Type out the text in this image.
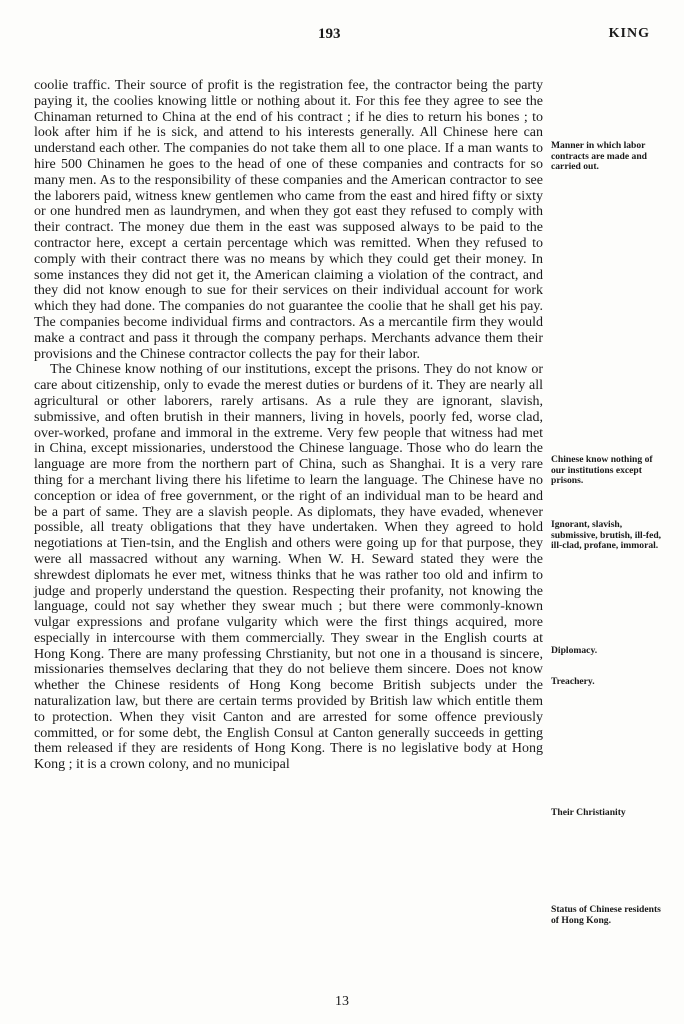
193	KING

coolie traffic. Their source of profit is the registration fee, the contractor being the party paying it, the coolies knowing little or nothing about it. For this fee they agree to see the Chinaman returned to China at the end of his contract ; if he dies to return his bones ; to look after him if he is sick, and attend to his interests generally. All Chinese here can understand each other. The companies do not take them all to one place. If a man wants to hire 500 Chinamen he goes to the head of one of these companies and contracts for so many men. As to the responsibility of these companies and the American contractor to see the laborers paid, witness knew gentlemen who came from the east and hired fifty or sixty or one hundred men as laundrymen, and when they got east they refused to comply with their contract. The money due them in the east was supposed always to be paid to the contractor here, except a certain percentage which was remitted. When they refused to comply with their contract there was no means by which they could get their money. In some instances they did not get it, the American claiming a violation of the contract, and they did not know enough to sue for their services on their individual account for work which they had done. The companies do not guarantee the coolie that he shall get his pay. The companies become individual firms and contractors. As a mercantile firm they would make a contract and pass it through the company perhaps. Merchants advance them their provisions and the Chinese contractor collects the pay for their labor.

The Chinese know nothing of our institutions, except the prisons. They do not know or care about citizenship, only to evade the merest duties or burdens of it. They are nearly all agricultural or other laborers, rarely artisans. As a rule they are ignorant, slavish, submissive, and often brutish in their manners, living in hovels, poorly fed, worse clad, over-worked, profane and immoral in the extreme. Very few people that witness had met in China, except missionaries, understood the Chinese language. Those who do learn the language are more from the northern part of China, such as Shanghai. It is a very rare thing for a merchant living there his lifetime to learn the language. The Chinese have no conception or idea of free government, or the right of an individual man to be heard and be a part of same. They are a slavish people. As diplomats, they have evaded, whenever possible, all treaty obligations that they have undertaken. When they agreed to hold negotiations at Tien-tsin, and the English and others were going up for that purpose, they were all massacred without any warning. When W. H. Seward stated they were the shrewdest diplomats he ever met, witness thinks that he was rather too old and infirm to judge and properly understand the question. Respecting their profanity, not knowing the language, could not say whether they swear much ; but there were commonly-known vulgar expressions and profane vulgarity which were the first things acquired, more especially in intercourse with them commercially. They swear in the English courts at Hong Kong. There are many professing Chrstianity, but not one in a thousand is sincere, missionaries themselves declaring that they do not believe them sincere. Does not know whether the Chinese residents of Hong Kong become British subjects under the naturalization law, but there are certain terms provided by British law which entitle them to protection. When they visit Canton and are arrested for some offence previously committed, or for some debt, the English Consul at Canton generally succeeds in getting them released if they are residents of Hong Kong. There is no legislative body at Hong Kong ; it is a crown colony, and no municipal

Manner in which labor contracts are made and carried out.
Chinese know nothing of our institutions except prisons.
Ignorant, slavish, submissive, brutish, ill-fed, ill-clad, profane, immoral.
Diplomacy.
Treachery.
Their Christianity
Status of Chinese residents of Hong Kong.
13
